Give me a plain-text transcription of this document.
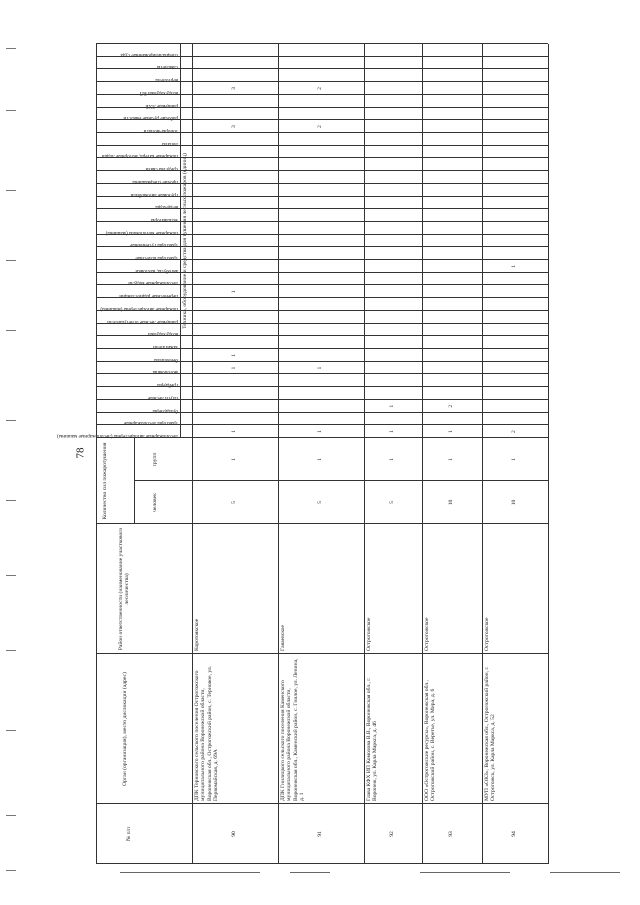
78
№ п/п
Орган (организация), место дислокации (адрес)
Район ответственности (наименование участкового лесничества)
Количество сил пожаротушения	человек
групп
Техника, оборудование и средства для тушения лесных пожаров (единиц)
лесопожарные автоцистерны (лесопожарные машины)
тракторы лесопожарные
бульдозеры
плуги лесные
грейдеры
мотопомпы
бензопилы
зажигатели
воздуходувки
ранцевые лесные огнетушители
пожарные автоцистерны (машины)
переносные радиостанции
лесопожарные модули
автобусы, вахтовки
тракторы колесные
тракторы гусеничные
пожарные мотопомпы (машины)
экскаваторы
вездеходы
грузовые автомобили
прочие спецмашины
средства связи
пожарные катера, моторные лодки
лопаты
топоры-мотыги
рабочие ручные емкости
ранцевые ЛХБ
воздуходувки ВЛ
вертолеты
самолеты
специализированные суда
90
ДПК Терновского сельского поселения Острогожского муниципального района Воронежской области, Воронежская обл., Острогожский район, с. Терновое, ул. Первомайская, д. 69А
Коротоякское
5
1
1
1
1
1
3
3
91
ДПК Гнилицкого сельского поселения Каменского муниципального района Воронежской области, Воронежская обл., Каменский район, с. Гнилое, ул. Ленина, д. 1
Гаваевское
5
1
1
1
2
2
92
Глава КФХ ИП Комолова В.В., Воронежская обл., г. Воронеж, ул. Карла Маркса, д. 46
Острогожское
5
1
1
1
93
ООО «Острогожские ресурсы», Воронежская обл., Острогожский район, с. Веретье, ул. Мира, д. 6
Острогожское
10
1
1
2
94
МУП «ОКЗ», Воронежская обл., Острогожский район, г. Острогожск, ул. Карла Маркса, д. 52
Острогожское
10
1
2
1
